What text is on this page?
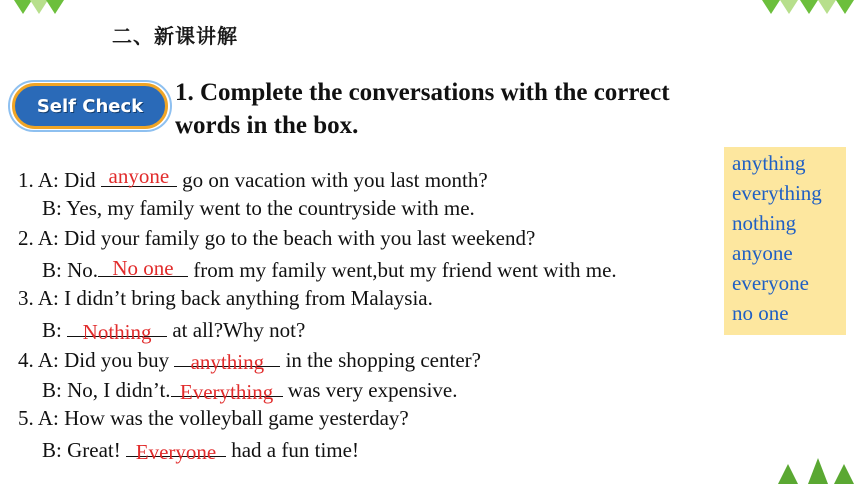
二、新课讲解
Self Check 1. Complete the conversations with the correct
words in the box.
anything
everything
nothing
anyone
everyone
no one
1. A: Did anyone go on vacation with you last month?
B: Yes, my family went to the countryside with me.
2. A: Did your family go to the beach with you last weekend?
B: No. No one from my family went,but my friend went with me.
3. A: I didn’t bring back anything from Malaysia.
B: Nothing at all?Why not?
4. A: Did you buy anything in the shopping center?
B: No, I didn’t. Everything was very expensive.
5. A: How was the volleyball game yesterday?
B: Great! Everyone had a fun time!
